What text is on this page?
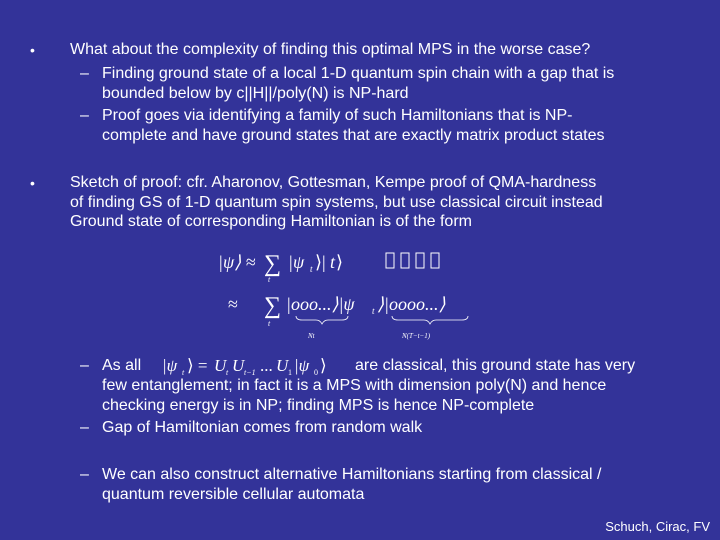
• What about the complexity of finding this optimal MPS in the worse case?
– Finding ground state of a local 1-D quantum spin chain with a gap that is
bounded below by c||H||/poly(N) is NP-hard
– Proof goes via identifying a family of such Hamiltonians that is NP-
complete and have ground states that are exactly matrix product states
• Sketch of proof: cfr. Aharonov, Gottesman, Kempe proof of QMA-hardness
of finding GS of 1-D quantum spin systems, but use classical circuit instead
Ground state of corresponding Hamiltonian is of the form
|ψ⟩ ≈ ∑
t
|ψ t ⟩| t ⟩
≈ ∑
t
|ooo...⟩|ψ t ⟩|oooo...⟩
Nt	N(T−t−1)
– As all |ψ t ⟩ = U t U t−1 ... U 1 |ψ 0 ⟩ are classical, this ground state has very
few entanglement; in fact it is a MPS with dimension poly(N) and hence
checking energy is in NP; finding MPS is hence NP-complete
– Gap of Hamiltonian comes from random walk
– We can also construct alternative Hamiltonians starting from classical /
quantum reversible cellular automata
Schuch, Cirac, FV
